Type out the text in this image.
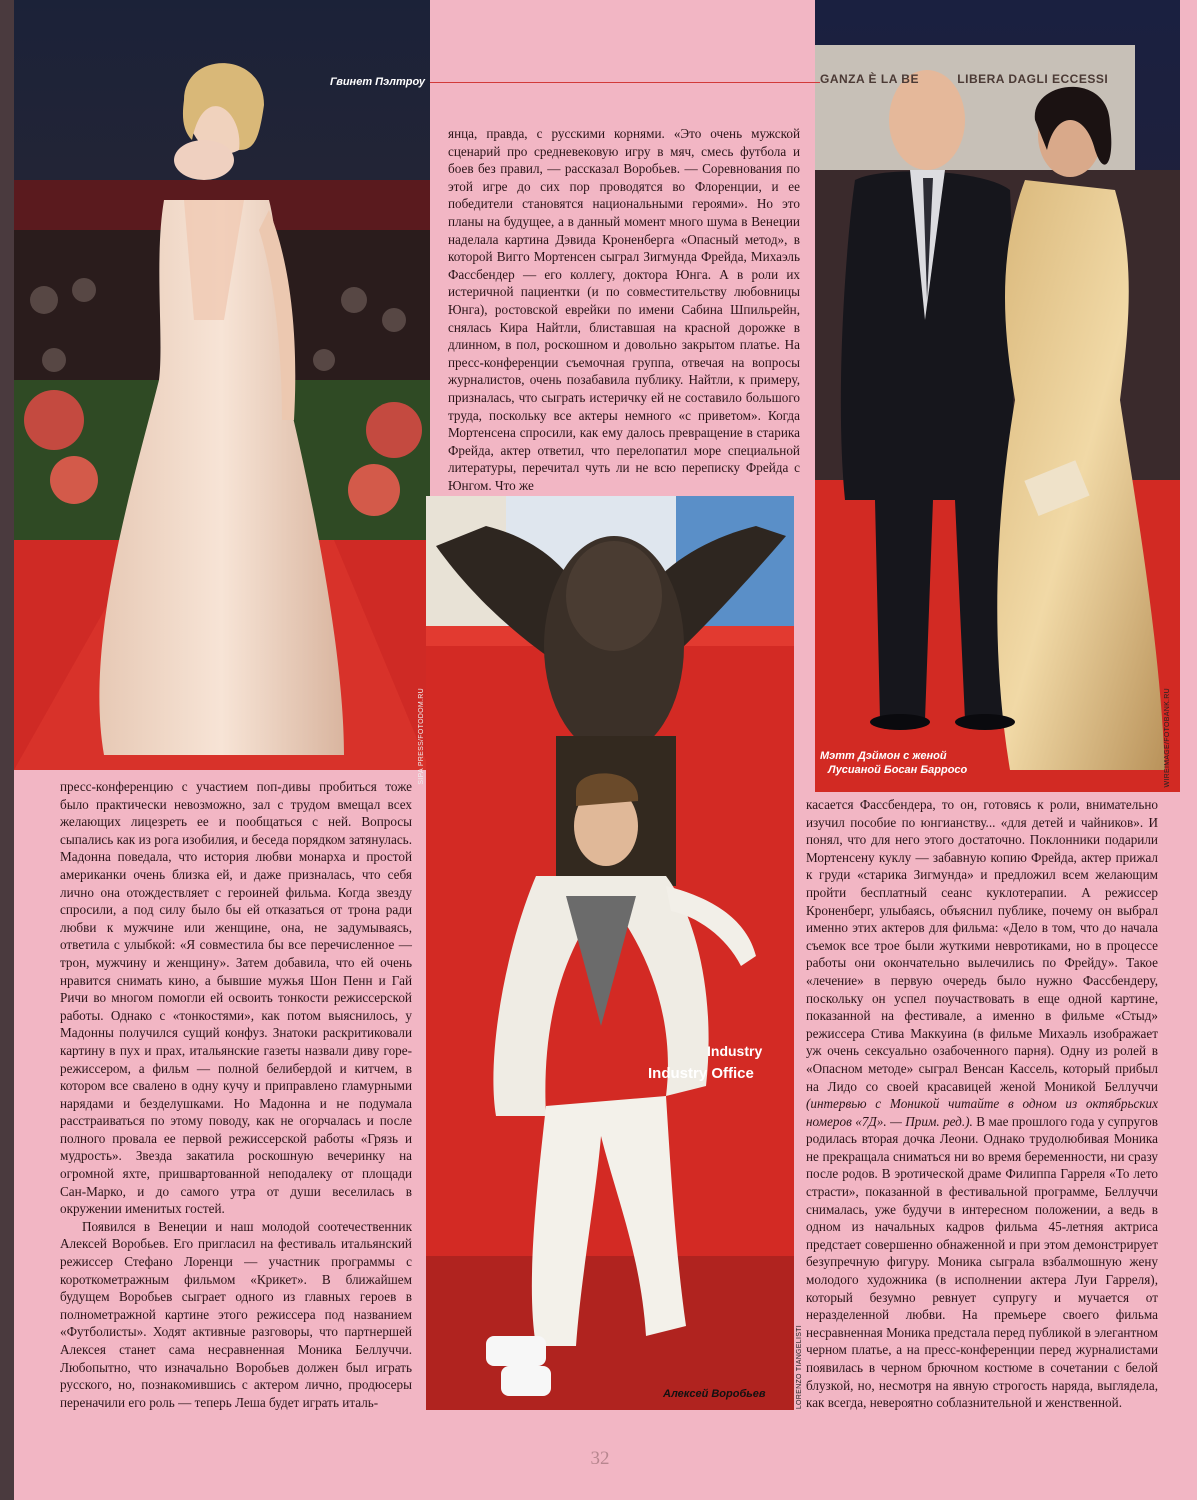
Гвинет Пэлтроу
SIPA PRESS/FOTODOM.RU
GANZA È LA BE          LIBERA DAGLI ECCESSI
Мэтт Дэймон с женой
Лусианой Босан Барросо	WIREIMAGE/FOTOBANK.RU
Industry
Industry Office
Алексей Воробьев	LORENZO TIANGELISTI

янца, правда, с русскими корнями. «Это очень мужской сценарий про средневековую игру в мяч, смесь футбола и боев без правил, — рассказал Воробьев. — Соревнования по этой игре до сих пор проводятся во Флоренции, и ее победители становятся национальными героями». Но это планы на будущее, а в данный момент много шума в Венеции наделала картина Дэвида Кроненберга «Опасный метод», в которой Вигго Мортенсен сыграл Зигмунда Фрейда, Михаэль Фассбендер — его коллегу, доктора Юнга. А в роли их истеричной пациентки (и по совместительству любовницы Юнга), ростовской еврейки по имени Сабина Шпильрейн, снялась Кира Найтли, блиставшая на красной дорожке в длинном, в пол, роскошном и довольно закрытом платье. На пресс-конференции съемочная группа, отвечая на вопросы журналистов, очень позабавила публику. Найтли, к примеру, призналась, что сыграть истеричку ей не составило большого труда, поскольку все актеры немного «с приветом». Когда Мортенсена спросили, как ему далось превращение в старика Фрейда, актер ответил, что перелопатил море специальной литературы, перечитал чуть ли не всю переписку Фрейда с Юнгом. Что же

пресс-конференцию с участием поп-дивы пробиться тоже было практически невозможно, зал с трудом вмещал всех желающих лицезреть ее и пообщаться с ней. Вопросы сыпались как из рога изобилия, и беседа порядком затянулась. Мадонна поведала, что история любви монарха и простой американки очень близка ей, и даже призналась, что себя лично она отождествляет с героиней фильма. Когда звезду спросили, а под силу было бы ей отказаться от трона ради любви к мужчине или женщине, она, не задумываясь, ответила с улыбкой: «Я совместила бы все перечисленное — трон, мужчину и женщину». Затем добавила, что ей очень нравится снимать кино, а бывшие мужья Шон Пенн и Гай Ричи во многом помогли ей освоить тонкости режиссерской работы. Однако с «тонкостями», как потом выяснилось, у Мадонны получился сущий конфуз. Знатоки раскритиковали картину в пух и прах, итальянские газеты назвали диву горе-режиссером, а фильм — полной белибердой и китчем, в котором все свалено в одну кучу и приправлено гламурными нарядами и безделушками. Но Мадонна и не подумала расстраиваться по этому поводу, как не огорчалась и после полного провала ее первой режиссерской работы «Грязь и мудрость». Звезда закатила роскошную вечеринку на огромной яхте, пришвартованной неподалеку от площади Сан-Марко, и до самого утра от души веселилась в окружении именитых гостей.

Появился в Венеции и наш молодой соотечественник Алексей Воробьев. Его пригласил на фестиваль итальянский режиссер Стефано Лоренци — участник программы с короткометражным фильмом «Крикет». В ближайшем будущем Воробьев сыграет одного из главных героев в полнометражной картине этого режиссера под названием «Футболисты». Ходят активные разговоры, что партнершей Алексея станет сама несравненная Моника Беллуччи. Любопытно, что изначально Воробьев должен был играть русского, но, познакомившись с актером лично, продюсеры переначили его роль — теперь Леша будет играть италь-

касается Фассбендера, то он, готовясь к роли, внимательно изучил пособие по юнгианству... «для детей и чайников». И понял, что для него этого достаточно. Поклонники подарили Мортенсену куклу — забавную копию Фрейда, актер прижал к груди «старика Зигмунда» и предложил всем желающим пройти бесплатный сеанс куклотерапии. А режиссер Кроненберг, улыбаясь, объяснил публике, почему он выбрал именно этих актеров для фильма: «Дело в том, что до начала съемок все трое были жуткими невротиками, но в процессе работы они окончательно вылечились по Фрейду». Такое «лечение» в первую очередь было нужно Фассбендеру, поскольку он успел поучаствовать в еще одной картине, показанной на фестивале, а именно в фильме «Стыд» режиссера Стива Маккуина (в фильме Михаэль изображает уж очень сексуально озабоченного парня). Одну из ролей в «Опасном методе» сыграл Венсан Кассель, который прибыл на Лидо со своей красавицей женой Моникой Беллуччи (интервью с Моникой читайте в одном из октябрьских номеров «7Д». — Прим. ред.). В мае прошлого года у супругов родилась вторая дочка Леони. Однако трудолюбивая Моника не прекращала сниматься ни во время беременности, ни сразу после родов. В эротической драме Филиппа Гарреля «То лето страсти», показанной в фестивальной программе, Беллуччи снималась, уже будучи в интересном положении, а ведь в одном из начальных кадров фильма 45-летняя актриса предстает совершенно обнаженной и при этом демонстрирует безупречную фигуру. Моника сыграла взбалмошную жену молодого художника (в исполнении актера Луи Гарреля), который безумно ревнует супругу и мучается от неразделенной любви. На премьере своего фильма несравненная Моника предстала перед публикой в элегантном черном платье, а на пресс-конференции перед журналистами появилась в черном брючном костюме в сочетании с белой блузкой, но, несмотря на явную строгость наряда, выглядела, как всегда, невероятно соблазнительной и женственной.

32
